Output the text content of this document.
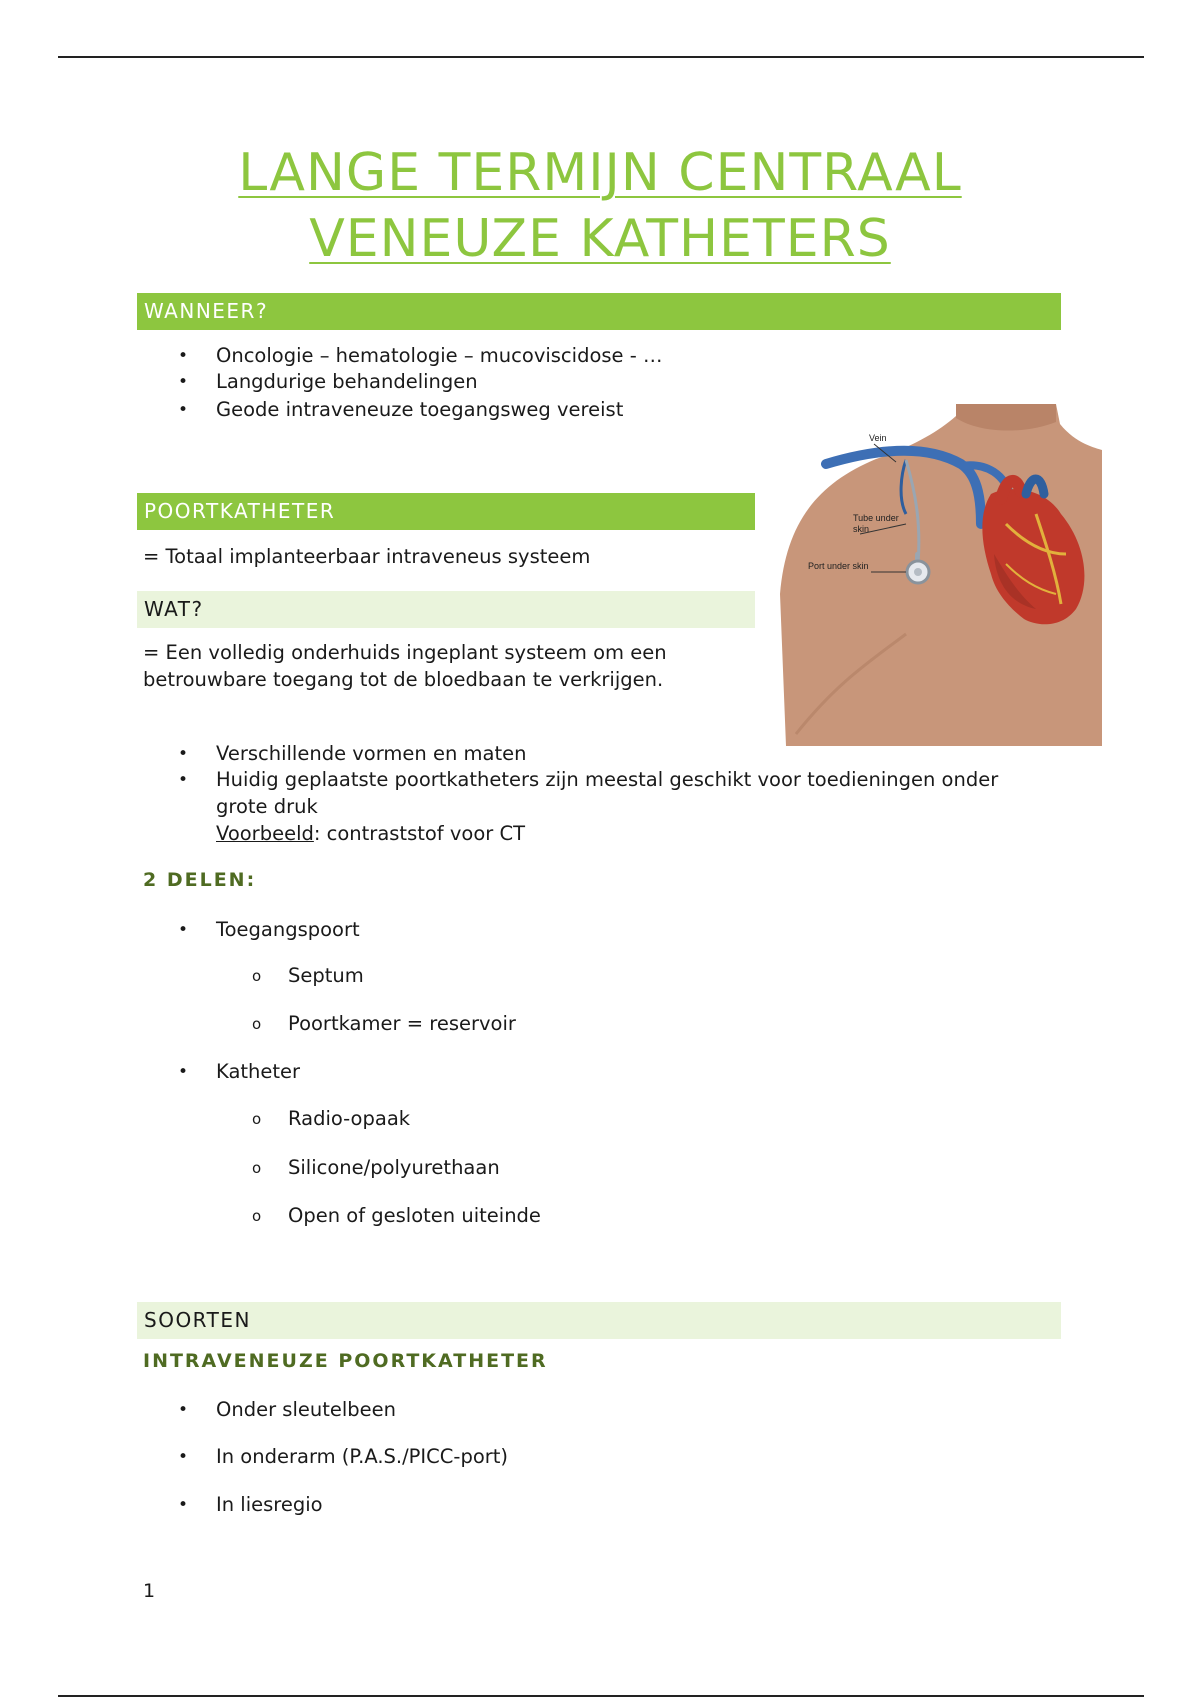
LANGE TERMIJN CENTRAAL
VENEUZE KATHETERS
WANNEER?
• Oncologie – hematologie – mucoviscidose - …
• Langdurige behandelingen
• Geode intraveneuze toegangsweg vereist
POORTKATHETER
= Totaal implanteerbaar intraveneus systeem
WAT?
= Een volledig onderhuids ingeplant systeem om een
betrouwbare toegang tot de bloedbaan te verkrijgen.
• Verschillende vormen en maten
• Huidig geplaatste poortkatheters zijn meestal geschikt voor toedieningen onder
grote druk
Voorbeeld: contraststof voor CT
2 DELEN:
• Toegangspoort
o Septum
o Poortkamer = reservoir
• Katheter
o Radio-opaak
o Silicone/polyurethaan
o Open of gesloten uiteinde
SOORTEN
INTRAVENEUZE POORTKATHETER
• Onder sleutelbeen
• In onderarm (P.A.S./PICC-port)
• In liesregio
Vein
Tube under
skin
Port under skin
1
